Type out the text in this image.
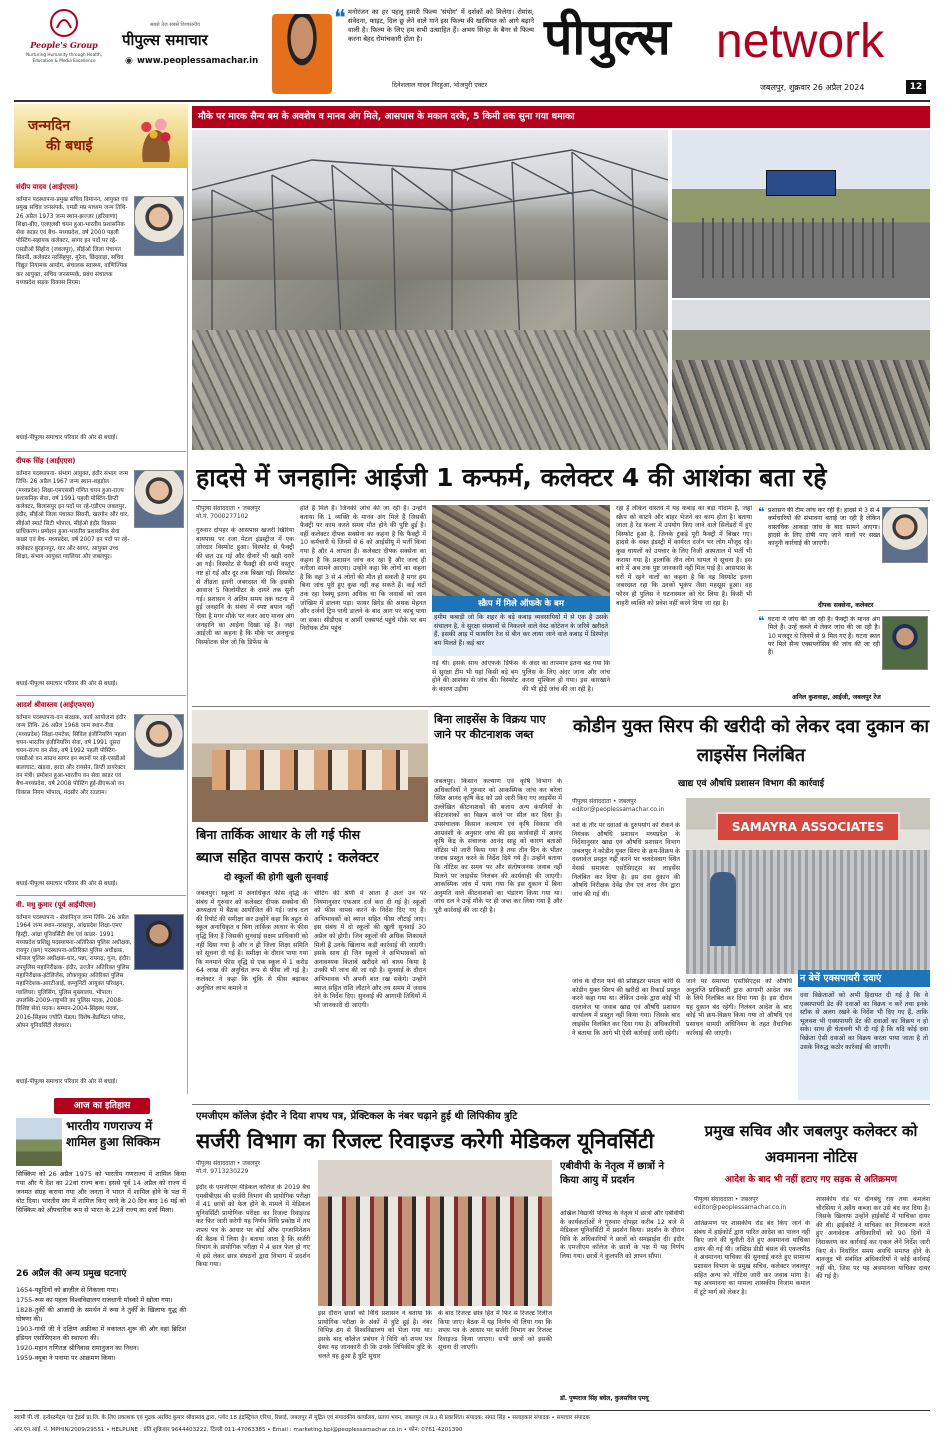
People's Group
Nurturing Humanity through Health, Education & Media Excellence
सबसे तेज़ सबसे विश्वसनीय
पीपुल्स समाचार
◉ www.peoplessamachar.in
❝ मनोरंजन का हर पहलू हमारी फिल्म 'संयोग' में दर्शकों को मिलेगा। रोमांस, संवेदना, फाइट, दिल छू लेने वाले गाने इस फिल्म की खासियत को आगे बढ़ाने वाली है। फिल्म के लिए हम सभी उत्साहित हैं। अभय सिन्हा के बैनर से फिल्म करना बेहद रोमांचकारी होता है।
दिनेशलाल यादव निरहुआ, भोजपुरी एक्टर
पीपुल्स network
जबलपुर, शुक्रवार 26 अप्रैल 2024	12
जन्मदिन
की बधाई
संदीप यादव (आईएएस)
वर्तमान पदस्थापना-प्रमुख सचिव विमानन, आयुक्त एवं प्रमुख सचिव जनसंपर्क, एमडी मप्र माध्यम जन्म तिथि- 26 अप्रैल 1973 जन्म स्थान-झज्जर (हरियाणा) शिक्षा-बीए, एलएलबी चयन हुआ-भारतीय प्रशासनिक सेवा काडर एवं बैच- मध्यप्रदेश, वर्ष 2000 पहली पोस्टिंग-सहायक कलेक्टर, सागर इन पदों पर रहे-एसडीओ सिहोरा (जबलपुर), सीईओ जिला पंचायत सिवनी, कलेक्टर नरसिंहपुर, मुरैना, छिंदवाड़ा, सचिव विद्युत नियामक आयोग, संचालक स्वास्थ्य, वाणिज्यिक कर आयुक्त, सचिव जनसम्पर्क, प्रबंध संचालक मध्यप्रदेश सड़क विकास निगम।
बधाई-पीपुल्स समाचार परिवार की ओर से बधाई।
दीपक सिंह (आईएएस)
वर्तमान पदस्थापना- संभाग आयुक्त, इंदौर संभाग जन्म तिथि- 26 अप्रैल 1967 जन्म स्थान-शहडोल (मध्यप्रदेश) शिक्षा-एमएससी गणित चयन हुआ-राज्य प्रशासनिक सेवा, वर्ष 1991 पहली पोस्टिंग-डिप्टी कलेक्टर, बिलासपुर इन पदों पर रहे-एडीएम जबलपुर, इंदौर, सीईओ जिला पंचायत सिवनी, खरगोन और धार, सीईओ स्मार्ट सिटी भोपाल, सीईओ इंदौर विकास प्राधिकरण। प्रमोशन हुआ-भारतीय प्रशासनिक सेवा काडर एवं बैच- मध्यप्रदेश, वर्ष 2007 इन पदों पर रहे-कलेक्टर बुरहानपुर, धार और सागर, आयुक्त उच्च शिक्षा, संभाग आयुक्त ग्वालियर और जबलपुर।
बधाई-पीपुल्स समाचार परिवार की ओर से बधाई।
आदर्श श्रीवास्तव (आईएफएस)
वर्तमान पदस्थापना-वन संरक्षक, कार्य आयोजना इंदौर जन्म तिथि- 26 अप्रैल 1968 जन्म स्थान-रीवा (मध्यप्रदेश) शिक्षा-एमटेक, सिविल इंजीनियरिंग पहला चयन-भारतीय इंजीनियरिंग सेवा, वर्ष 1991 दूसरा चयन-राज्य वन सेवा, वर्ष 1992 पहली पोस्टिंग-एसडीओ वन साउथ सागर इन स्थानों पर रहे-एसडीओ बालाघाट, खंडवा, हरदा और रायसेन, डिप्टी डायरेक्टर वन मंत्री। प्रमोशन हुआ-भारतीय वन सेवा काडर एवं बैच-मध्यप्रदेश, वर्ष 2008 पोस्टिंग हुई-डीएफओ वन विकास निगम भोपाल, मंदसौर और रतलाम।
बधाई-पीपुल्स समाचार परिवार की ओर से बधाई।
वी. मधु कुमार (पूर्व आईपीएस)
वर्तमान पदस्थापना - सेवानिवृत्त जन्म तिथि- 26 अप्रैल 1964 जन्म स्थान-नरसापुर, आंध्रप्रदेश शिक्षा-एमए हिस्ट्री, आंध्रा यूनिवर्सिटी बैच एवं काडर- 1991 मध्यप्रदेश प्रशिक्षु पदस्थापना-अतिरिक्त पुलिस अधीक्षक, रायपुर (छग) पदस्थापना-अतिरिक्त पुलिस अधीक्षक, भोपाल पुलिस अधीक्षक-धार, पन्ना, रायगढ़, गुना, इंदौर। उपपुलिस महानिरीक्षक- इंदौर, उज्जैन अतिरिक्त पुलिस महानिरीक्षक-इंटेलिजेंस, लोकायुक्त अतिरिक्त पुलिस महानिदेशक-आरटीआई, कम्युनिटी आयुक्त परिवहन, ग्वालियर। पुलिसिंग, पुलिस मुख्यालय, भोपाल। उपलब्धि-2009-राष्ट्रपति का पुलिस पदक, 2008-विशिष्ट सेवा पदक। सम्मान-2004-सिंहस्थ पदक, 2016-सिंहस्थ ज्योति मेडल। विशेष-बैडमिंटन प्लेयर, ओपन यूनिवर्सिटी लेक्चरर।
बधाई-पीपुल्स समाचार परिवार की ओर से बधाई।
आज का इतिहास
भारतीय गणराज्य में शामिल हुआ सिक्किम
सिक्किम को 26 अप्रैल 1975 को भारतीय गणराज्य में शामिल किया गया और ये देश का 22वां राज्य बना। इससे पूर्व 14 अप्रैल को राज्य में जनमत संग्रह कराया गया और जनता ने भारत में शामिल होने के पक्ष में वोट दिया। भारतीय संघ में शामिल किए जाने के 20 दिन बाद 16 मई को सिक्किम को औपचारिक रूप से भारत के 22वें राज्य का दर्जा मिला।
26 अप्रैल की अन्य प्रमुख घटनाएं
1654-यहूदियों को ब्राज़ील से निकाला गया।
1755-रूस का पहला विश्वविद्यालय राजधानी मॉस्को में खोला गया।
1828-तुर्की की आजादी के समर्थन में रूस ने तुर्की के खिलाफ युद्ध की घोषणा की।
1903-गांधी जी ने दक्षिण अफ्रीका में वकालत शुरू की और वहां ब्रिटिश इंडियन एसोसिएशन की स्थापना की।
1920-महान गणितज्ञ श्रीनिवास रामानुजन का निधन।
1959-क्यूबा ने पनामा पर आक्रमण किया।
मौके पर मारक सैन्य बम के अवशेष व मानव अंग मिले, आसपास के मकान दरके, 5 किमी तक सुना गया धमाका
हादसे में जनहानिः आईजी 1 कन्फर्म, कलेक्टर 4 की आशंका बता रहे
पीपुल्स संवाददाता • जबलपुर
मो.नं. 7000277102
गुरुवार दोपहर के आसपास खजरी खिरिया बायपास पर रजा मेटल इंडस्ट्रीज में एक जोरदार विस्फोट हुआ। विस्फोट से फैक्ट्री की छत उड़ गई और दीवारें भी खड़ी दरारें आ गईं। विस्फोट से फैक्ट्री की सभी वस्तुएं नष्ट हो गईं और दूर तक बिखर गईं। विस्फोट से तीव्रता इतनी जबरदस्त थी कि इसकी आवाज 5 किलोमीटर के दायरे तक सुनी गई। प्रशासन ने अतिम समय तक घटना में हुई जनहानि के संबंध में स्पष्ट बयान नहीं दिया है मगर मौके पर नजर आए मानव अंग जनहानि का आईना दिखा रहे हैं। जहां आईजी का कहना है कि मौके पर अनचुन्ड विस्फोटक सेल जो कि डिफेंस के
होते हैं मिले हैं। जिनकी जांच की जा रही है। उन्होंने बताया कि 1 व्यक्ति के मानव अंग मिले हैं जिसकी फैक्ट्री पर काम करते समय मौत होने की पुष्टि हुई है। वहीं कलेक्टर दीपक सक्सेना का कहना है कि फैक्ट्री में 10 कर्मचारी थे जिनमें से 6 को आईसीयू में भर्ती किया गया है और 4 लापता हैं। कलेक्टर दीपक सक्सेना का कहना है कि प्रशासन जांच कर रहा है और जल्द ही नतीजा सामने आएगा। उन्होंने कहा कि लोगों का कहना है कि वहां 3 से 4 लोगों की मौत हो सकती है मगर हम बिना जांच पूरी हुए कुछ नहीं कह सकते हैं। कई घंटों तक रहा रेस्क्यू इतना अधिक था कि जवाबों को जान जोखिम में डालना पड़ा। फायर ब्रिगेड की अथक मेहनत और दर्जनों ट्रिप पानी डालने के बाद आग पर काबू पाया जा सका। सीडीएस व आर्मी एक्सपर्ट पहुंचे मौके पर बम निरोधक टीम पहुंच
स्क्रैप में मिले ऑफके के बम
हमीम कबाड़ी जो कि शहर के बड़े कबाड़ व्यवसायियों में से एक है उसके संचालन है, वे सुरक्षा संस्थानों से निकलने वाले वेस्ट कोटेशन के जरिये खरीदते हैं, इसकी आड़ में फायरिंग रेंज से बीन कर लाया जाने वाले कबाड़ में डिस्पोज़ बम मिलते हैं। कई बार
गई थी। इसके साथ ओएफके डिफेंस से सुरक्षा टीम भी यहां किसी बड़े बम होने की आशंका से जांच की। विस्फोट के कारण उड़ीया
के अंदर का तापमान इतना बढ़ गया कि पुलिस के लिए अंदर जाना और जांच करना मुश्किल हो गया। इस कारखाने की भी होड़ें जांच की जा रही है।
रहा है लेकिन वास्तव में यह कबाड़ का बड़ा गोदाम है, जहां स्क्रैप को काटने और बाहर भेजने का काम होता है। बताया जाता है रेड कलर में उपयोग किए जाने वाले सिलेंडरों में हुए विस्फोट हुआ है, जिनके टुकड़े पूरी फैक्ट्री में बिखर गए। हादसे के वक्त इंडस्ट्री में कार्यरत दर्जन भर लोग मौजूद रहे। कुछ घायलों को उपचार के लिए निजी अस्पताल में भर्ती भी कराया गया है। हालांकि तीन लोग घायल थे सूचना है। इस बारे में अब तक पुष्ट जानकारी नहीं मिल पाई है। आसपास के घरों में रहने वालों का कहना है कि वह विस्फोट इतना जबरदस्त रहा कि उनको भूकंप जैसा महसूस हुआ। वह फौरन ही पुलिस ने घटनास्थल को घेर लिया है। किसी भी बाहरी व्यक्ति को प्रवेश नहीं करने दिया जा रहा है।
❝ प्रशासन की टीम जांच कर रही है। हादसे में 3 से 4 कर्मचारियों की संभावना बताई जा रही है लेकिन वास्तविक आकड़ा जांच के बाद सामने आएगा। हादसे के लिए दोषी पाए जाने वालों पर सख्त कानूनी कार्रवाई की जाएगी।
दीपक सक्सेना, कलेक्टर
❝ घटना में जांच की जा रही है। फैक्ट्री के मानव अंग मिले हैं। उन्हें कब्जे में लेकर जांच की जा रही है। 10 मजदूर थे जिनमें से 9 मिल गए हैं। घटना स्थल पर मिले सैन्य एक्सप्लोसिव की जांच की जा रही है।
अनिल कुशवाहा, आईजी, जबलपुर रेंज
बिना तार्किक आधार के ली गई फीस
ब्याज सहित वापस कराएं : कलेक्टर
दो स्कूलों की होगी खुली सुनवाई
जबलपुर। स्कूलों में अनाधिकृत फीस वृद्धि के संबंध में गुरुवार को कलेक्टर दीपक सक्सेना की अध्यक्षता में बैठक आयोजित की गई। जांच दल की रिपोर्ट की समीक्षा कर उन्होंने कहा कि बहुत से स्कूल अनाधिकृत व बिना तार्किक आधार के फीस वृद्धि किए हैं जिसकी सुनवाई सक्षम प्राधिकारी को नहीं दिया गया है और न ही जिला शिक्षा समिति को सूचना दी गई है। समीक्षा के दौरान पाया गया कि मनमाने फीस वृद्धि से एक स्कूल में 1 करोड़ 64 लाख की अनुचित रूप से फीस ली गई है। कलेक्टर ने कहा कि चूंकि से फीस बढ़ाकर अनुचित लाभ कमाने व
चीटिंग की श्रेणी में आता है अतः उन पर नियमानुसार एफआर दर्ज करा दी गई है। स्कूलों को फीस वापस करने के निर्देश दिए गए हैं। अभिभावकों को ब्याज सहित फीस लौटाई जाए। इस संबंध में दो स्कूलों की खुली सुनवाई 30 अप्रैल को होगी। जिन स्कूलों की अधिक शिकायतें मिली हैं उनके खिलाफ कड़ी कार्रवाई की जाएगी। इसके साथ ही जिन स्कूलों ने अभिभावकों को अनावश्यक किताबें खरीदने को बाध्य किया है उनकी भी जांच की जा रही है। सुनवाई के दौरान अभिभावक भी अपनी बात रख सकेंगे। उन्होंने ब्याज सहित राशि लौटाने और तय समय में जवाब देने के निर्देश दिए। सुनवाई की आगामी तिथियों में भी जानकारी दी जाएगी।
बिना लाइसेंस के विक्रय पाए जाने पर कीटनाशक जब्त
जबलपुर। किसान कल्याण एवं कृषि विभाग के अधिकारियों ने गुरुवार को आकस्मिक जांच कर बरेला स्थित आनंद कृषि केंद्र को उसे जारी किए गए लाइसेंस में उल्लेखित कीटनाशकों की बजाय अन्य कंपनियों के कीटनाशकों का विक्रय करने पर सील कर दिया है। उपसंचालक किसान कल्याण एवं कृषि विकास रवि आम्रवंशी के अनुसार जांच की इस कार्यवाही में आनंद कृषि केंद्र के संचालक आनंद साहू को कारण बताओ नोटिस भी जारी किया गया है तथा तीन दिन के भीतर जवाब प्रस्तुत करने के निर्देश दिये गये हैं। उन्होंने बताया कि नोटिस का समय पर और संतोषजनक जवाब नहीं मिलने पर लाइसेंस निलंबन की कार्यवाही की जाएगी। आकस्मिक जांच में पाया गया कि इस दुकान में बिना अनुमति वाले कीटनाशकों का भंडारण किया गया था। जांच दल ने उन्हें मौके पर ही जब्त कर लिया गया है और पूरी कार्रवाई की जा रही है।
कोडीन युक्त सिरप की खरीदी को लेकर दवा दुकान का लाइसेंस निलंबित
खाद्य एवं औषधि प्रशासन विभाग की कार्रवाई
पीपुल्स संवाददाता • जबलपुर
editor@peoplessamachar.co.in
नशे के तौर पर दवाओं के दुरुपयोग को रोकने के नियंत्रक औषधि प्रशासन मध्यप्रदेश के निर्देशानुसार खाद्य एवं औषधि प्रशासन विभाग जबलपुर ने कोडीन युक्त सिरप के क्रय-विक्रय के दस्तावेज प्रस्तुत नहीं करने पर चलदेवबाग स्थित मेसर्स समायरा एसोसिएट्स का लाइसेंस निलंबित कर दिया है। इस दवा दुकान की औषधि निरीक्षक देवेंद्र जैन एवं शरद जैन द्वारा जांच की गई थी।
SAMAYRA ASSOCIATES
जांच के दौरान फर्म की प्रोप्राइटर ममता कोरी से कोडीन युक्त सिरप की खरीदी का रिकार्ड प्रस्तुत करने कहा गया था। लेकिन उनके द्वारा कोई भी दस्तावेज या जवाब खाद्य एवं औषधि प्रशासन कार्यालय में प्रस्तुत नहीं किया गया। जिसके बाद लाइसेंस निलंबित कर दिया गया है। अधिकारियों ने बताया कि आगे भी ऐसी कार्रवाई जारी रहेगी।
जाने पर समायरा एसोसिएट्स को औषधि अनुज्ञप्ति प्राधिकारी द्वारा आगामी आदेश तक के लिये निलंबित कर दिया गया है। इस दौरान यह दुकान बंद रहेगी। निलंबन आदेश के बाद कोई भी क्रय-विक्रय किया गया तो औषधि एवं प्रसाधन सामग्री अधिनियम के तहत वैधानिक कार्रवाई की जाएगी।
न बेचें एक्सपायरी दवाएं
दवा विक्रेताओं को अभी हिदायत दी गई है कि वे एक्सपायरी डेट की दवाओं का विक्रय न करें तथा इनके स्टॉक से अलग रखने के निर्देश भी दिए गए हैं, ताकि भूलवश भी एक्सपायरी डेट की दवाओं का विक्रय न हो सके। साथ ही चेतावनी भी दी गई है कि यदि कोई दवा विक्रेता ऐसी दवाओं का विक्रय करता पाया जाता है तो उसके विरुद्ध कठोर कार्रवाई की जाएगी।
एमजीएम कॉलेज इंदौर ने दिया शपथ पत्र, प्रेक्टिकल के नंबर चढ़ाने हुई थी लिपिकीय त्रुटि
सर्जरी विभाग का रिजल्ट रिवाइज्ड करेगी मेडिकल यूनिवर्सिटी
पीपुल्स संवाददाता • जबलपुर
मो.नं. 9713230229
इंदौर के एमजीएम मेडिकल कॉलेज के 2019 बैच एमबीबीएस की सर्जरी विभाग की प्रायोगिक परीक्षा में 41 छात्रों को फेल होने के मामले में मेडिकल यूनिवर्सिटी प्रायोगिक परीक्षा का रिजल्ट रिवाइज्ड कर फिर जारी करेगी यह निर्णय विधि प्रकोष्ठ में तय शपथ पत्र के आधार पर बोर्ड ऑफ एग्जामिनेशन की बैठक में लिया है। बताया जाता है कि सर्जरी विभाग के प्रायोगिक परीक्षा में 4 छात्र फेल हो गए थे इसे लेकर छात्र संघठनों द्वारा विभाग में प्रदर्शन किया गया।
इस दौरान छात्रों को विधि प्रशासन ने बताया कि प्रायोगिक परीक्षा के अंकों में त्रुटि हुई है। नंबर विभिन्न ढंग से विश्वविद्यालय को भेजा गया था। इसके बाद कॉलेज प्रबंधन ने विधि को शपथ पत्र देकर यह जानकारी दी कि उनके लिपिकीय त्रुटि के चलते यह हुआ है त्रुटि सुधार
के बाद रिजल्ट छात्र हित में फिर से रिजल्ट रिलीज किया जाए। बैठक में यह निर्णय भी लिया गया कि शपथ पत्र के आधार पर सर्जरी विभाग का रिजल्ट रिवाइज्ड किया जाएगा। सभी छात्रों को इसकी सूचना दी जाएगी।
एबीवीपी के नेतृत्व में छात्रों ने किया आयु में प्रदर्शन
अखिल विद्यार्थी परिषद के नेतृत्व में छात्रों और एबीवीपी के कार्यकर्ताओं ने गुरुवार दोपहर करीब 12 बजे से मेडिकल यूनिवर्सिटी में प्रदर्शन किया। प्रदर्शन के दौरान विवि के अधिकारियों ने छात्रों को समझाईश दी। इंदौर के एमजीएम कॉलेज के छात्रों के पक्ष में यह निर्णय लिया गया। छात्रों ने कुलपति को ज्ञापन सौंपा।
डॉ. पुष्पराज सिंह बघेल, कुलसचिव एमयू
प्रमुख सचिव और जबलपुर कलेक्टर को अवमानना नोटिस
आदेश के बाद भी नहीं हटाए गए सड़क से अतिक्रमण
पीपुल्स संवाददाता • जबलपुर
editor@peoplessamachar.co.in
अतिक्रमण पर शासकीय रोड बंद किए जाने के संबंध में हाईकोर्ट द्वारा पारित आदेश का पालन नहीं किए जाने की चुनौती देते हुए अवमानना याचिका दायर की गई थी। जस्टिस डीडी बंसल की एकलपीठ ने अवमानना याचिका की सुनवाई करते हुए सामान्य प्रशासन विभाग के प्रमुख सचिव, कलेक्टर जबलपुर सहित अन्य को नोटिस जारी कर जवाब मांगा है। यह अवमानना का मामला शासकीय निजाम कमाल में टूटे मार्ग को लेकर है।
शासकीय रोड पर दीनबंधु राय तथा कमलेश चौरसिया ने अवैध कब्जा कर उसे बंद कर दिया है। जिसके खिलाफ उन्होंने हाईकोर्ट में याचिका दायर की थी। हाईकोर्ट ने याचिका का निराकरण करते हुए अनावेदक अधिकारियों को 90 दिनों में निराकरण कर कार्रवाई कर एकल लेने निर्देश जारी किए थे। निर्धारित समय अवधि समाप्त होने के बावजूद भी संबंधित अधिकारियों ने कोई कार्रवाई नहीं की, जिस पर यह अवमानना याचिका दायर की गई है।
स्वामी पी.जी. इन्वेस्टमेंट्स एंड ट्रेडर्स प्रा.लि. के लिए प्रकाशक एवं मुद्रक अरविंद कुमार श्रीवास्तव द्वारा, प्लॉट 18 इंडस्ट्रियल एरिया, रिछाई, जबलपुर से मुद्रित एवं संपादकीय कार्यालय, प्रताप भवन, जबलपुर (म.प्र.) से प्रकाशित। संपादक: संपत सिंह • सलाहकार संपादक • समाचार संपादक
आर.एन.आई. नं. MPHIN/2009/29551 • HELPLINE : प्रति शुक्रिवार 9644403222, दिल्ली 011-47063385 • Email : marketing.bpl@peoplessamachar.co.in • फोन: 0761-4201390
